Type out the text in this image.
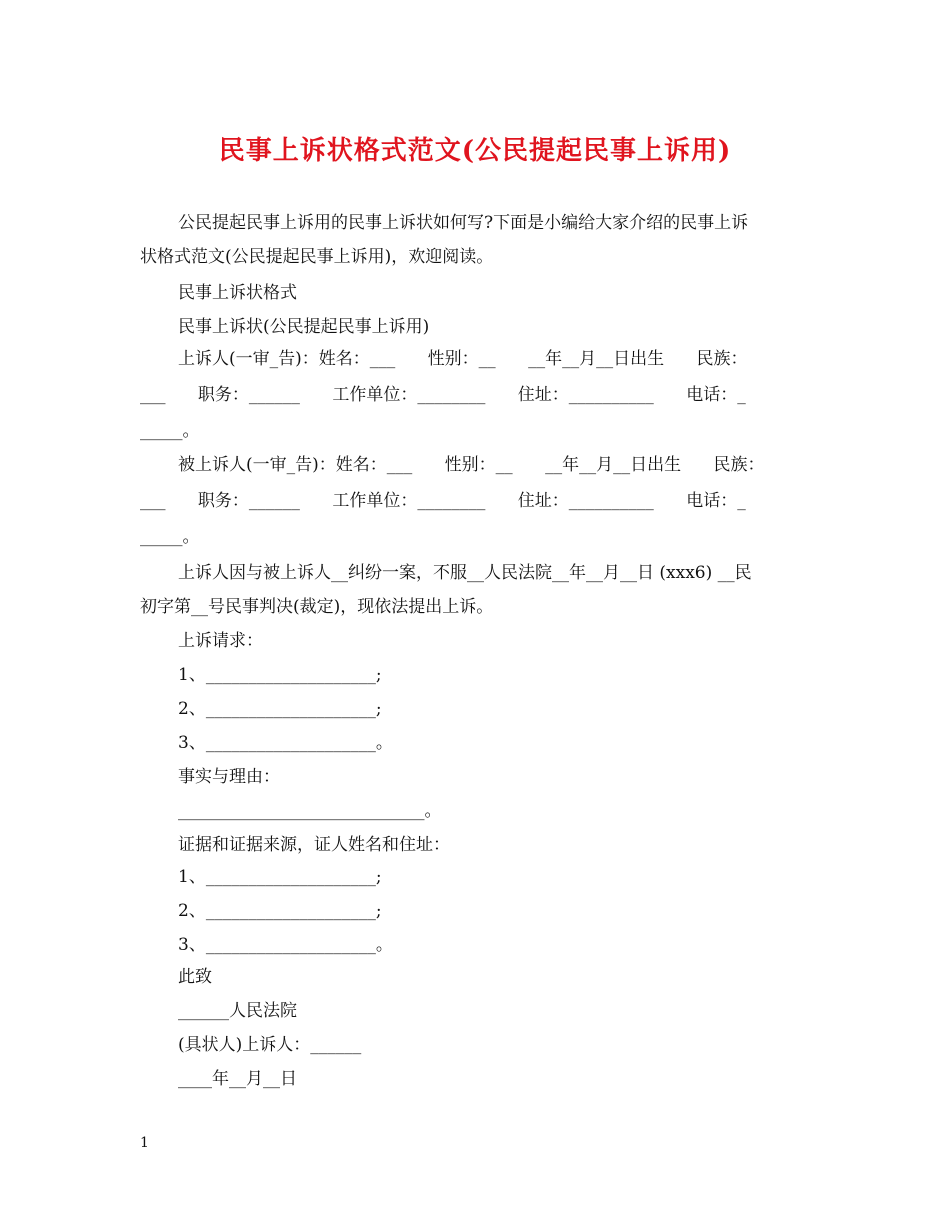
民事上诉状格式范文(公民提起民事上诉用)
公民提起民事上诉用的民事上诉状如何写?下面是小编给大家介绍的民事上诉
状格式范文(公民提起民事上诉用)，欢迎阅读。
民事上诉状格式
民事上诉状(公民提起民事上诉用)
上诉人(一审_告)：姓名：___      性别：__      __年__月__日出生      民族：
___      职务：______      工作单位：________      住址：__________      电话：_
_____。
被上诉人(一审_告)：姓名：___      性别：__      __年__月__日出生      民族：
___      职务：______      工作单位：________      住址：__________      电话：_
_____。
上诉人因与被上诉人__纠纷一案，不服__人民法院__年__月__日 (xxx6) __民
初字第__号民事判决(裁定)，现依法提出上诉。
上诉请求：
1、____________________;
2、____________________;
3、____________________。
事实与理由：
_____________________________。
证据和证据来源，证人姓名和住址：
1、____________________;
2、____________________;
3、____________________。
此致
______人民法院
(具状人)上诉人：______
____年__月__日
1
